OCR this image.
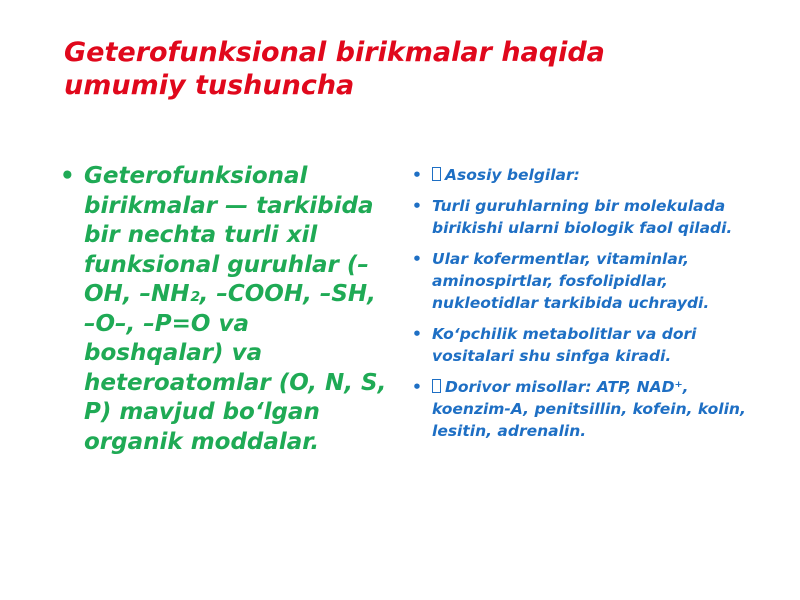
Geterofunksional birikmalar haqida
umumiy tushuncha
• Geterofunksional birikmalar — tarkibida bir nechta turli xil funksional guruhlar (–OH, –NH₂, –COOH, –SH, –O–, –P=O va boshqalar) va heteroatomlar (O, N, S, P) mavjud bo‘lgan organik moddalar.
• Asosiy belgilar:
• Turli guruhlarning bir molekulada birikishi ularni biologik faol qiladi.
• Ular kofermentlar, vitaminlar, aminospirtlar, fosfolipidlar, nukleotidlar tarkibida uchraydi.
• Ko‘pchilik metabolitlar va dori vositalari shu sinfga kiradi.
• Dorivor misollar: ATP, NAD⁺, koenzim-A, penitsillin, kofein, kolin, lesitin, adrenalin.
